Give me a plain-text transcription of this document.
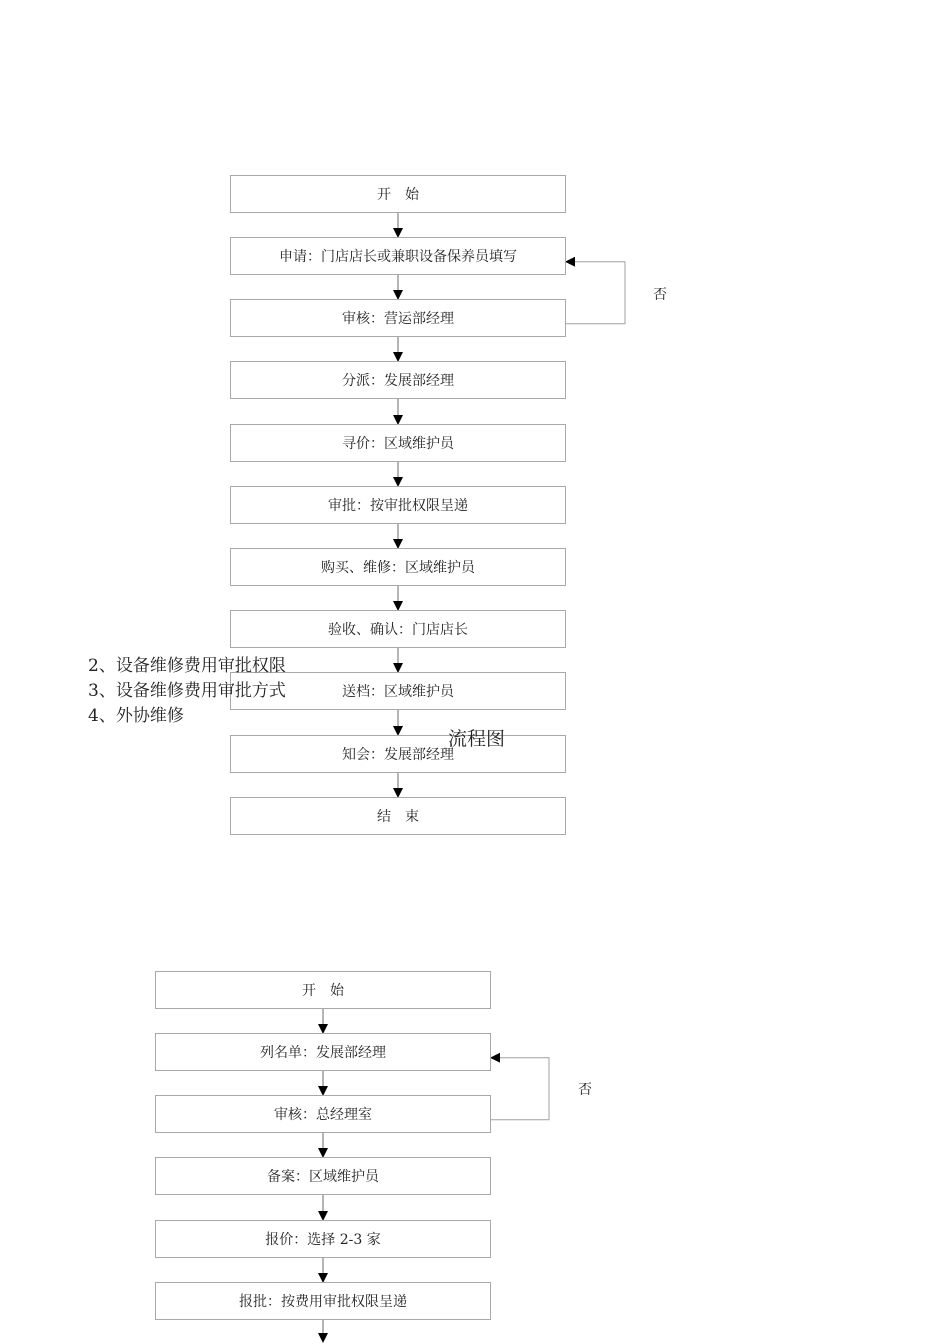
开　始
申请：门店店长或兼职设备保养员填写
审核：营运部经理
分派：发展部经理
寻价：区域维护员
审批：按审批权限呈递
购买、维修：区域维护员
验收、确认：门店店长
送档：区域维护员
知会：发展部经理
结　束
否
2、设备维修费用审批权限
3、设备维修费用审批方式
4、外协维修
流程图
开　始
列名单：发展部经理
审核：总经理室
备案：区域维护员
报价：选择 2-3 家
报批：按费用审批权限呈递
否
